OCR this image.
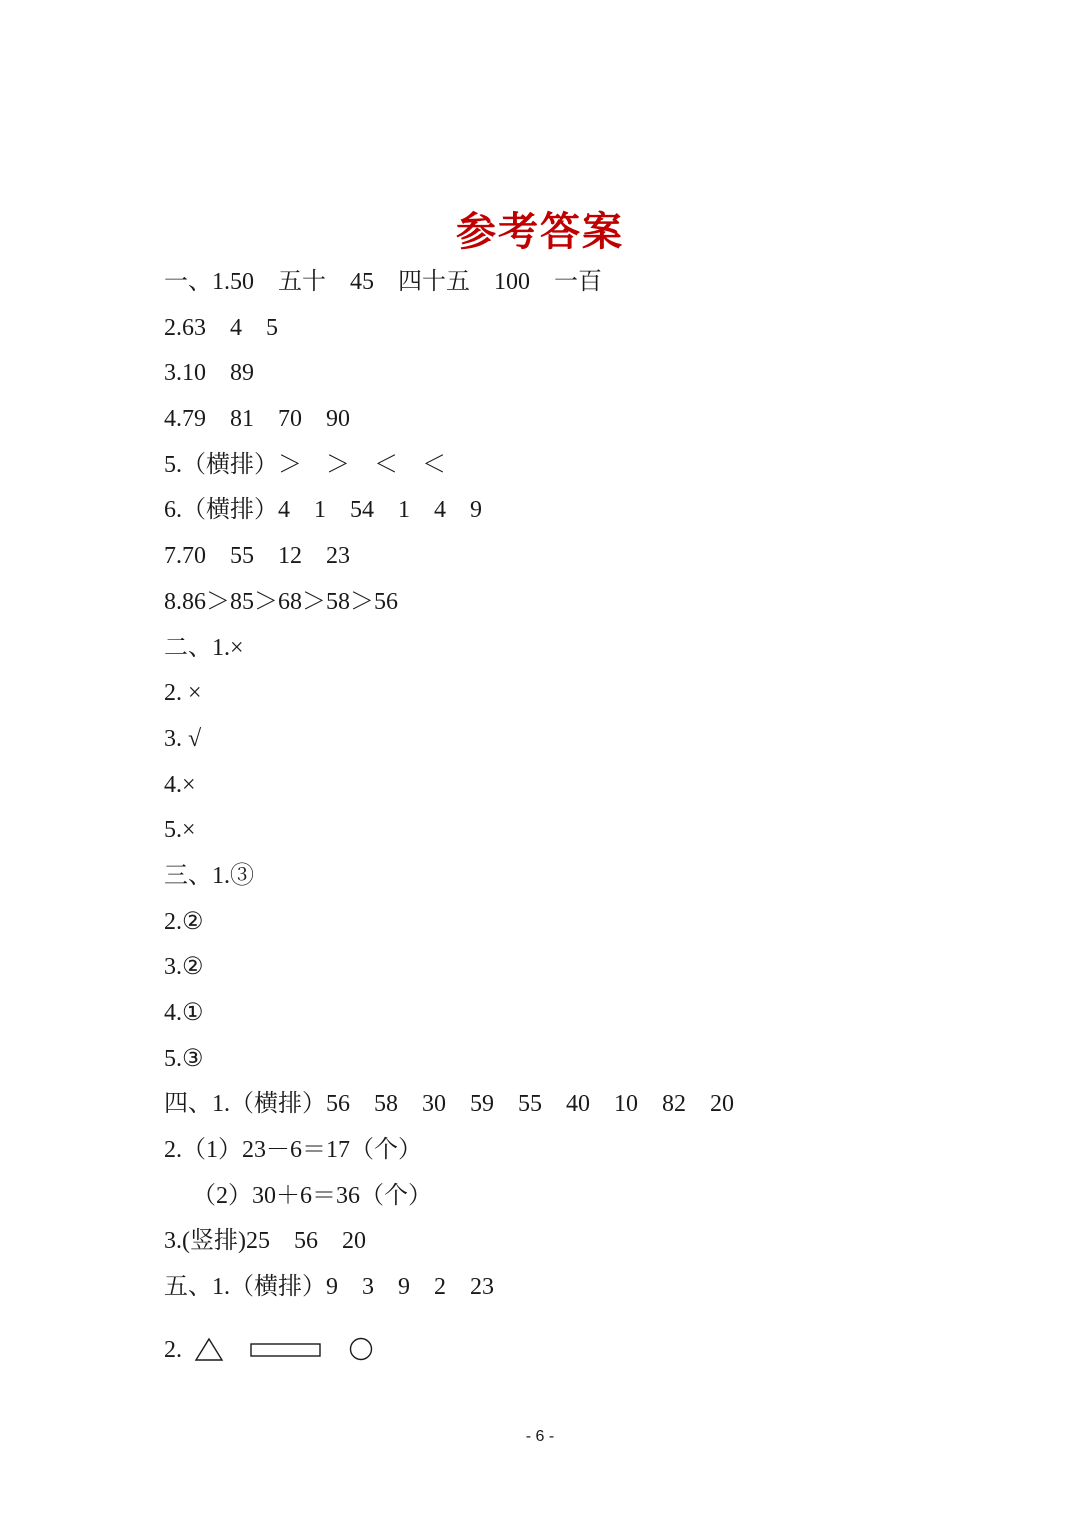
参考答案
一、1.50　五十　45　四十五　100　一百
2.63　4　5
3.10　89
4.79　81　70　90
5.（横排）＞　＞　＜　＜
6.（横排）4　1　54　1　4　9
7.70　55　12　23
8.86＞85＞68＞58＞56
二、1.×
2. ×
3. √
4.×
5.×
三、1.③
2.②
3.②
4.①
5.③
四、1.（横排）56　58　30　59　55　40　10　82　20
2.（1）23－6＝17（个）
（2）30＋6＝36（个）
3.(竖排)25　56　20
五、1.（横排）9　3　9　2　23
2.
- 6 -
